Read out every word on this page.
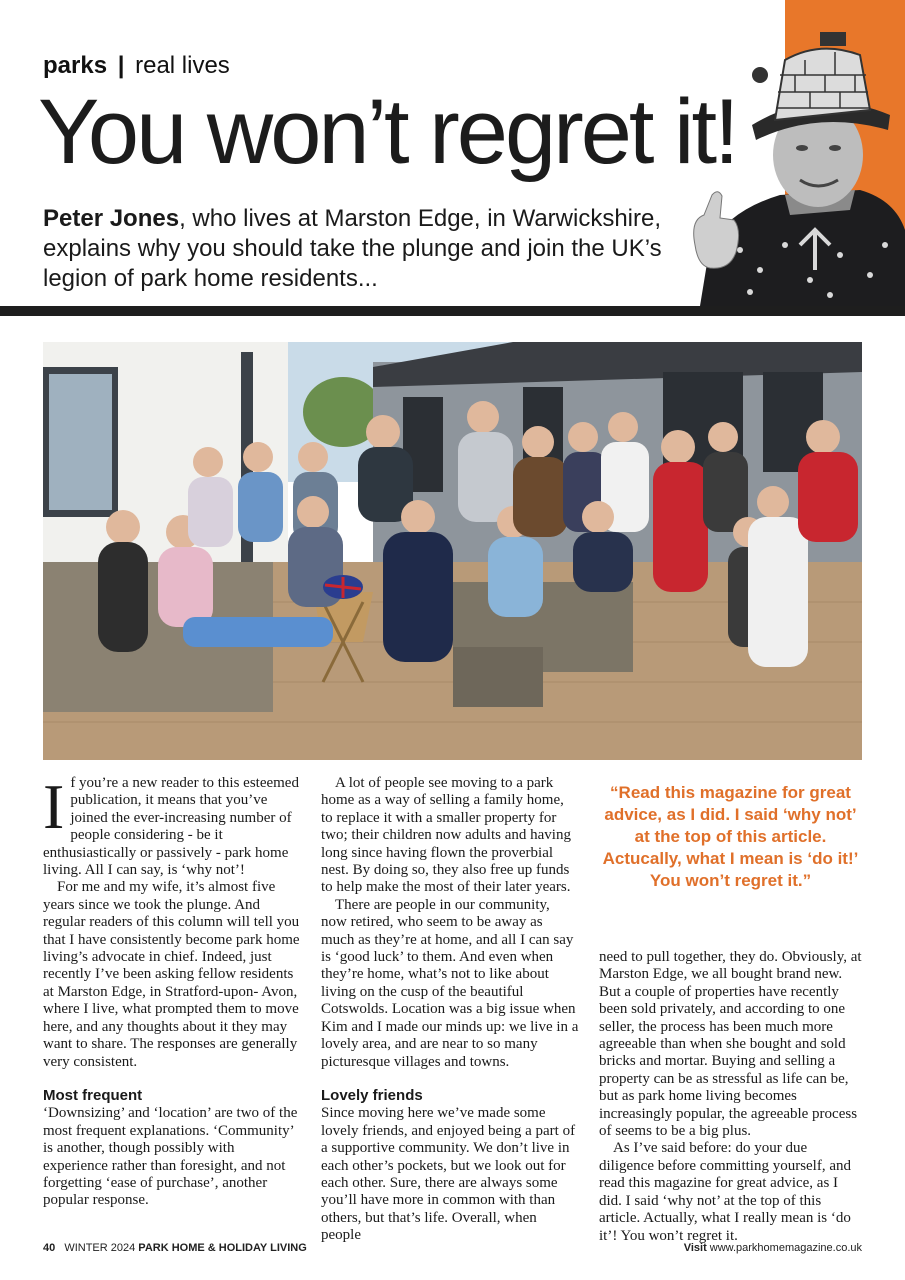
parks | real lives
You won’t regret it!

Peter Jones, who lives at Marston Edge, in Warwickshire, explains why you should take the plunge and join the UK’s legion of park home residents...

If you’re a new reader to this esteemed publication, it means that you’ve joined the ever-increasing number of people considering - be it enthusiastically or passively - park home living. All I can say, is ‘why not’!

For me and my wife, it’s almost five years since we took the plunge. And regular readers of this column will tell you that I have consistently become park home living’s advocate in chief. Indeed, just recently I’ve been asking fellow residents at Marston Edge, in Stratford-upon- Avon, where I live, what prompted them to move here, and any thoughts about it they may want to share. The responses are generally very consistent.

Most frequent

‘Downsizing’ and ‘location’ are two of the most frequent explanations. ‘Community’ is another, though possibly with experience rather than foresight, and not forgetting ‘ease of purchase’, another popular response.

A lot of people see moving to a park home as a way of selling a family home, to replace it with a smaller property for two; their children now adults and having long since having flown the proverbial nest. By doing so, they also free up funds to help make the most of their later years.

There are people in our community, now retired, who seem to be away as much as they’re at home, and all I can say is ‘good luck’ to them. And even when they’re home, what’s not to like about living on the cusp of the beautiful Cotswolds. Location was a big issue when Kim and I made our minds up: we live in a lovely area, and are near to so many picturesque villages and towns.

Lovely friends

Since moving here we’ve made some lovely friends, and enjoyed being a part of a supportive community. We don’t live in each other’s pockets, but we look out for each other. Sure, there are always some you’ll have more in common with than others, but that’s life. Overall, when people

“Read this magazine for great advice, as I did. I said ‘why not’ at the top of this article. Actucally, what I mean is ‘do it!’ You won’t regret it.”

need to pull together, they do. Obviously, at Marston Edge, we all bought brand new. But a couple of properties have recently been sold privately, and according to one seller, the process has been much more agreeable than when she bought and sold bricks and mortar. Buying and selling a property can be as stressful as life can be, but as park home living becomes increasingly popular, the agreeable process of seems to be a big plus.

As I’ve said before: do your due diligence before committing yourself, and read this magazine for great advice, as I did. I said ‘why not’ at the top of this article. Actually, what I really mean is ‘do it’! You won’t regret it.

40 WINTER 2024 PARK HOME & HOLIDAY LIVING	Visit www.parkhomemagazine.co.uk
